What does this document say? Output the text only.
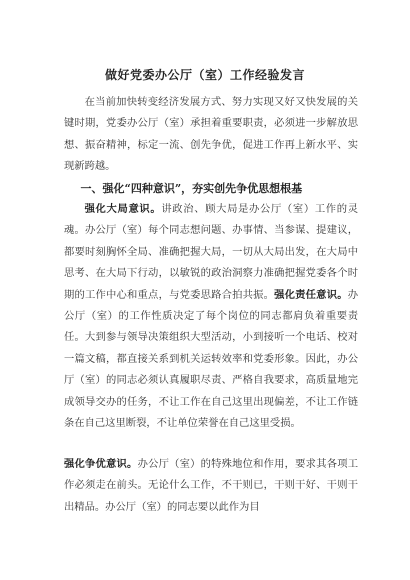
做好党委办公厅（室）工作经验发言

在当前加快转变经济发展方式、努力实现又好又快发展的关键时期，党委办公厅（室）承担着重要职责，必须进一步解放思想、振奋精神，标定一流、创先争优，促进工作再上新水平、实现新跨越。

一、强化“四种意识”，夯实创先争优思想根基

强化大局意识。讲政治、顾大局是办公厅（室）工作的灵魂。办公厅（室）每个同志想问题、办事情、当参谋、提建议，都要时刻胸怀全局、准确把握大局，一切从大局出发，在大局中思考、在大局下行动，以敏锐的政治洞察力准确把握党委各个时期的工作中心和重点，与党委思路合拍共振。强化责任意识。办公厅（室）的工作性质决定了每个岗位的同志都肩负着重要责任。大到参与领导决策组织大型活动，小到接听一个电话、校对一篇文稿，都直接关系到机关运转效率和党委形象。因此，办公厅（室）的同志必须认真履职尽责、严格自我要求，高质量地完成领导交办的任务，不让工作在自己这里出现偏差，不让工作链条在自己这里断裂，不让单位荣誉在自己这里受损。

强化争优意识。办公厅（室）的特殊地位和作用，要求其各项工作必须走在前头。无论什么工作，不干则已，干则干好、干则干出精品。办公厅（室）的同志要以此作为目
